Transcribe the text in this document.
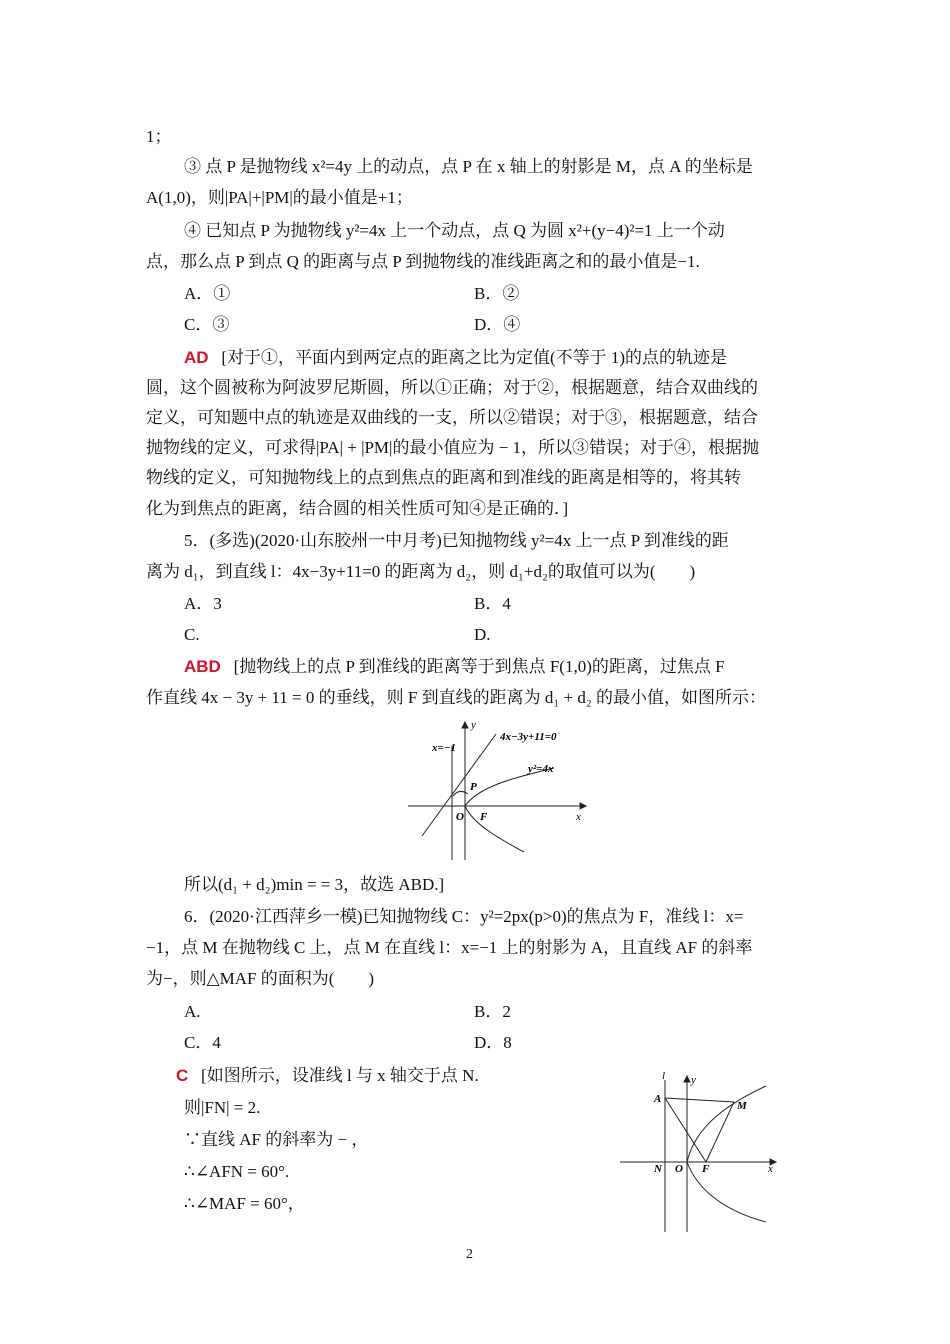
1；
③ 点 P 是抛物线 x²=4y 上的动点，点 P 在 x 轴上的射影是 M，点 A 的坐标是
A(1,0)，则|PA|+|PM|的最小值是+1；
④ 已知点 P 为抛物线 y²=4x 上一个动点，点 Q 为圆 x²+(y−4)²=1 上一个动
点，那么点 P 到点 Q 的距离与点 P 到抛物线的准线距离之和的最小值是−1.
A．①	B．②
C．③	D．④
AD [对于①，平面内到两定点的距离之比为定值(不等于 1)的点的轨迹是
圆，这个圆被称为阿波罗尼斯圆，所以①正确；对于②，根据题意，结合双曲线的
定义，可知题中点的轨迹是双曲线的一支，所以②错误；对于③，根据题意，结合
抛物线的定义，可求得|PA| + |PM|的最小值应为 − 1，所以③错误；对于④，根据抛
物线的定义，可知抛物线上的点到焦点的距离和到准线的距离是相等的，将其转
化为到焦点的距离，结合圆的相关性质可知④是正确的．]
5．(多选)(2020·山东胶州一中月考)已知抛物线 y²=4x 上一点 P 到准线的距
离为 d₁，到直线 l：4x−3y+11=0 的距离为 d₂，则 d₁+d₂的取值可以为(　　)
A．3	B．4
C.	D.
ABD [抛物线上的点 P 到准线的距离等于到焦点 F(1,0)的距离，过焦点 F
作直线 4x − 3y + 11 = 0 的垂线，则 F 到直线的距离为 d₁ + d₂ 的最小值，如图所示：
x=−1
4x−3y+11=0
y²=4x
y
x
P
O F
所以(d₁ + d₂)min = = 3，故选 ABD.]
6．(2020·江西萍乡一模)已知抛物线 C：y²=2px(p>0)的焦点为 F，准线 l：x=
−1，点 M 在抛物线 C 上，点 M 在直线 l：x=−1 上的射影为 A，且直线 AF 的斜率
为−，则△MAF 的面积为(　　)
A.	B．2
C．4	D．8
C [如图所示，设准线 l 与 x 轴交于点 N.
则|FN| = 2.
∵直线 AF 的斜率为 − ，
∴∠AFN = 60°.
∴∠MAF = 60°，
l y
A
M
N O F	x
2
